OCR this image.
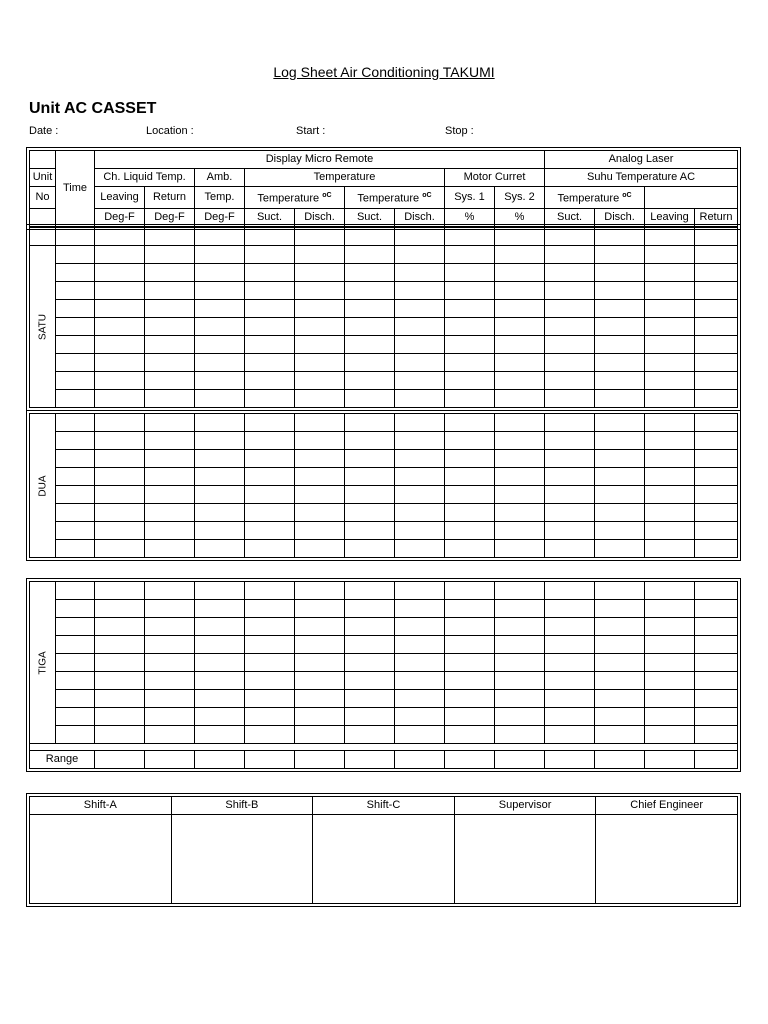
Log Sheet Air Conditioning TAKUMI
Unit AC CASSET
Date :	Location :	Start :	Stop :
	Time	Display Micro Remote									Analog Laser			
Unit		Ch. Liquid Temp.		Amb.	Temperature				Motor Curret		Suhu Temperature AC			
No		Leaving	Return	Temp.	Temperature $^{oC}$		Temperature $^{oC}$		Sys. 1	Sys. 2	Temperature $^{oC}$	
		Deg-F	Deg-F	Deg-F	Suct.	Disch.	Suct.	Disch.	%	%	Suct.	Disch.	Leaving	Return

SATU														

DUA														

TIGA														

Range														
Shift-A	Shift-B	Shift-C	Supervisor	Chief Engineer
